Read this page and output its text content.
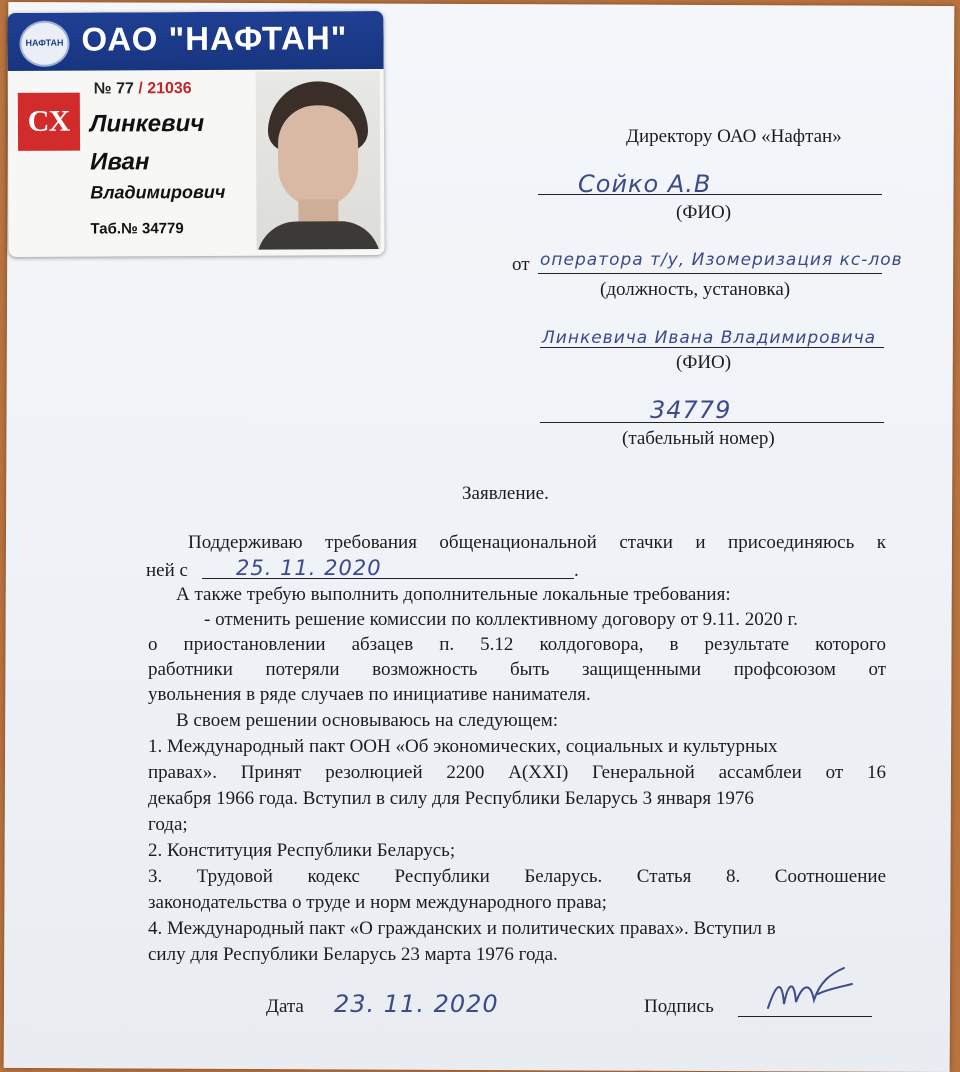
НАФТАН ОАО "НАФТАН"
№ 77 / 21036
СХ Линкевич
Иван
Владимирович
Таб.№ 34779
Директору ОАО «Нафтан»
Сойко А.В
(ФИО)
от оператора т/у, Изомеризация кс-лов
(должность, установка)
Линкевича Ивана Владимировича
(ФИО)
34779
(табельный номер)
Заявление.
Поддерживаю требования общенациональной стачки и присоединяюсь к
ней с 25. 11. 2020	.
А также требую выполнить дополнительные локальные требования:
- отменить решение комиссии по коллективному договору от 9.11. 2020 г.
о приостановлении абзацев п. 5.12 колдоговора, в результате которого
работники потеряли возможность быть защищенными профсоюзом от
увольнения в ряде случаев по инициативе нанимателя.
В своем решении основываюсь на следующем:
1. Международный пакт ООН «Об экономических, социальных и культурных
правах». Принят резолюцией 2200 А(XXI) Генеральной ассамблеи от 16
декабря 1966 года. Вступил в силу для Республики Беларусь 3 января 1976
года;
2. Конституция Республики Беларусь;
3. Трудовой кодекс Республики Беларусь. Статья 8. Соотношение
законодательства о труде и норм международного права;
4. Международный пакт «О гражданских и политических правах». Вступил в
силу для Республики Беларусь 23 марта 1976 года.
Дата 23. 11. 2020	Подпись
